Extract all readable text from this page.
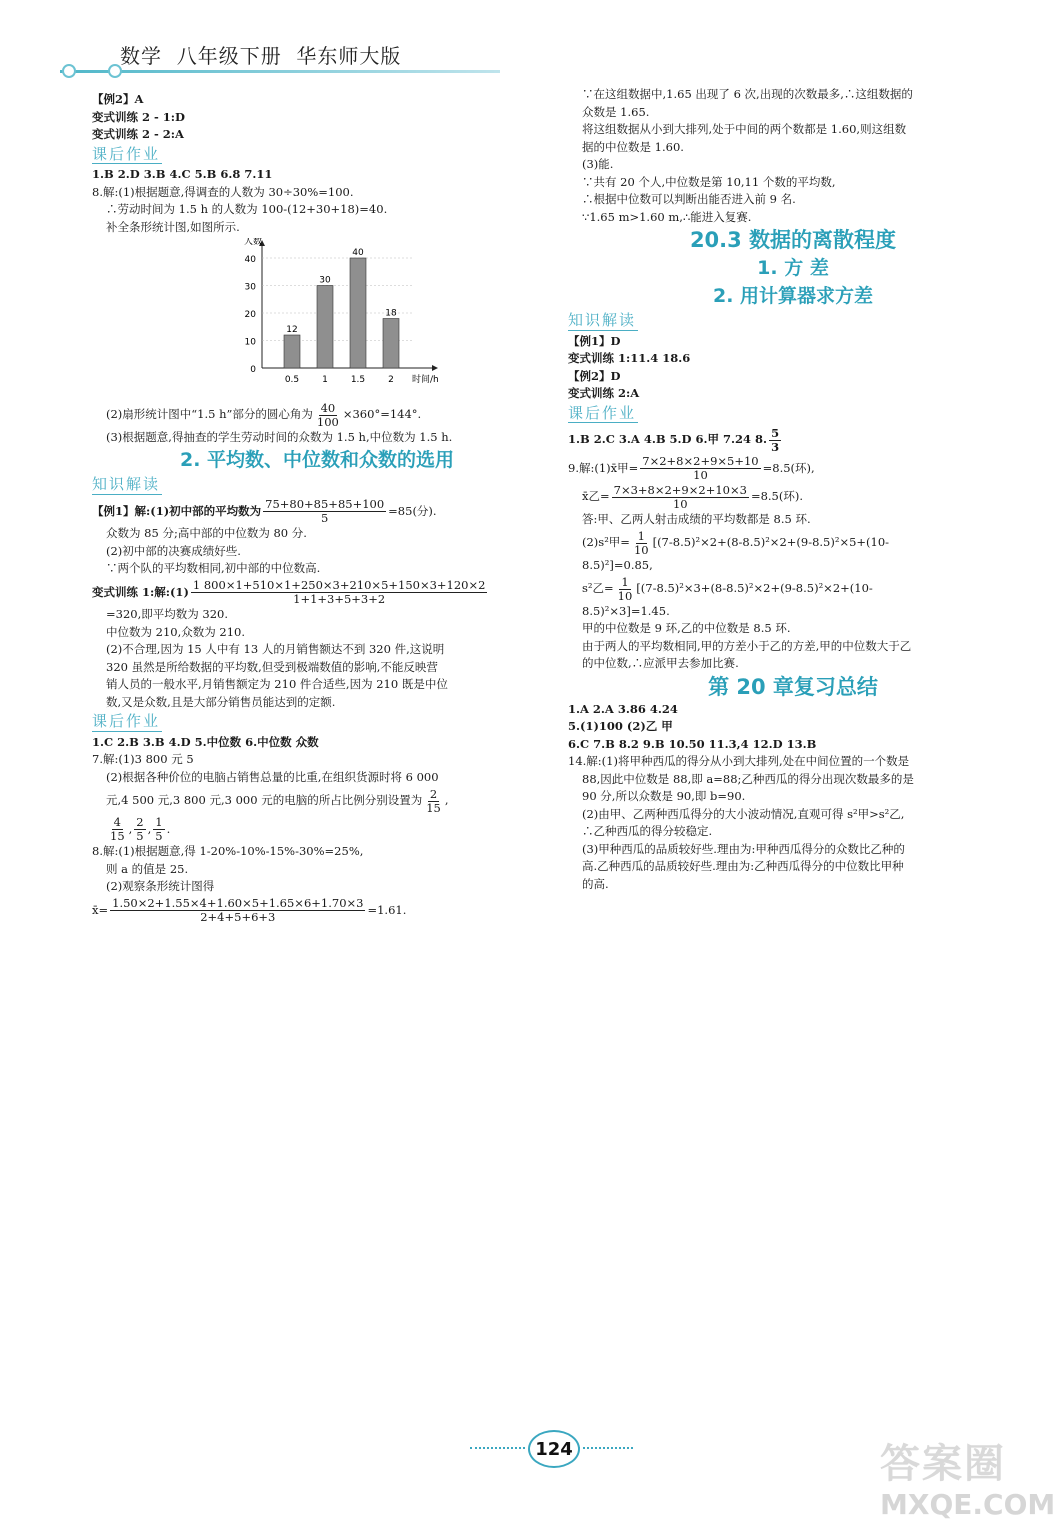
数学  八年级下册  华东师大版
【例2】A
变式训练 2 - 1:D
变式训练 2 - 2:A
课后作业
1.B 2.D 3.B 4.C 5.B 6.8 7.11
8.解:(1)根据题意,得调查的人数为 30÷30%=100.
∴劳动时间为 1.5 h 的人数为 100-(12+30+18)=40.
补全条形统计图,如图所示.
0
10
20
30
40
人数
时间/h
12
0.5
30
1
40
1.5
18
2
(2)扇形统计图中“1.5 h”部分的圆心角为 $\frac{40}{100} \times 360^\circ=144^\circ$.
(3)根据题意,得抽查的学生劳动时间的众数为 1.5 h,中位数为 1.5 h.
2. 平均数、中位数和众数的选用
知识解读
【例1】解:(1)初中部的平均数为 $\frac{75+80+85+85+100}{5} =85$(分).
众数为 85 分;高中部的中位数为 80 分.
(2)初中部的决赛成绩好些.
∵两个队的平均数相同,初中部的中位数高.
变式训练 1:解:(1) $\frac{1 800\times 1+510\times 1+250\times 3+210\times 5+150\times 3+120\times 2}{1+1+3+5+3+2}$
=320,即平均数为 320.
中位数为 210,众数为 210.
(2)不合理,因为 15 人中有 13 人的月销售额达不到 320 件,这说明
320 虽然是所给数据的平均数,但受到极端数值的影响,不能反映营
销人员的一般水平,月销售额定为 210 件合适些,因为 210 既是中位
数,又是众数,且是大部分销售员能达到的定额.
课后作业
1.C 2.B 3.B 4.D 5.中位数 6.中位数 众数
7.解:(1)3 800 元 5
(2)根据各种价位的电脑占销售总量的比重,在组织货源时将 6 000
元,4 500 元,3 800 元,3 000 元的电脑的所占比例分别设置为 $\frac{2}{15}$ ,
$\frac{4}{15}$ , $\frac{2}{5}$ , $\frac{1}{5}$ .
8.解:(1)根据题意,得 1-20%-10%-15%-30%=25%,
则 a 的值是 25.
(2)观察条形统计图得
x̄= $\frac{1.50\times 2+1.55\times 4+1.60\times 5+1.65\times 6+1.70\times 3}{2+4+5+6+3} =1.61$.
∵在这组数据中,1.65 出现了 6 次,出现的次数最多,∴这组数据的
众数是 1.65.
将这组数据从小到大排列,处于中间的两个数都是 1.60,则这组数
据的中位数是 1.60.
(3)能.
∵共有 20 个人,中位数是第 10,11 个数的平均数,
∴根据中位数可以判断出能否进入前 9 名.
∵1.65 m>1.60 m,∴能进入复赛.
20.3 数据的离散程度
1. 方 差
2. 用计算器求方差
知识解读
【例1】D
变式训练 1:11.4 18.6
【例2】D
变式训练 2:A
课后作业
1.B 2.C 3.A 4.B 5.D 6.甲 7.24 8. $\frac{5}{3}$
9.解:(1)x̄甲= $\frac{7\times 2+8\times 2+9\times 5+10}{10} =8.5$(环),
x̄乙= $\frac{7\times 3+8\times 2+9\times 2+10\times 3}{10} =8.5$(环).
答:甲、乙两人射击成绩的平均数都是 8.5 环.
(2)s²甲= $\frac{1}{10} [(7-8.5)^2\times 2+(8-8.5)^2\times 2+(9-8.5)^2\times 5+(10-$
8.5)²]=0.85,
s²乙= $\frac{1}{10} [(7-8.5)^2\times 3+(8-8.5)^2\times 2+(9-8.5)^2\times 2+(10-$
8.5)²×3]=1.45.
甲的中位数是 9 环,乙的中位数是 8.5 环.
由于两人的平均数相同,甲的方差小于乙的方差,甲的中位数大于乙
的中位数,∴应派甲去参加比赛.
第 20 章复习总结
1.A 2.A 3.86 4.24
5.(1)100 (2)乙 甲
6.C 7.B 8.2 9.B 10.50 11.3,4 12.D 13.B
14.解:(1)将甲种西瓜的得分从小到大排列,处在中间位置的一个数是
88,因此中位数是 88,即 a=88;乙种西瓜的得分出现次数最多的是
90 分,所以众数是 90,即 b=90.
(2)由甲、乙两种西瓜得分的大小波动情况,直观可得 s²甲>s²乙,
∴乙种西瓜的得分较稳定.
(3)甲种西瓜的品质较好些.理由为:甲种西瓜得分的众数比乙种的
高.乙种西瓜的品质较好些.理由为:乙种西瓜得分的中位数比甲种
的高.
124	答案圈
MXQE.COM
